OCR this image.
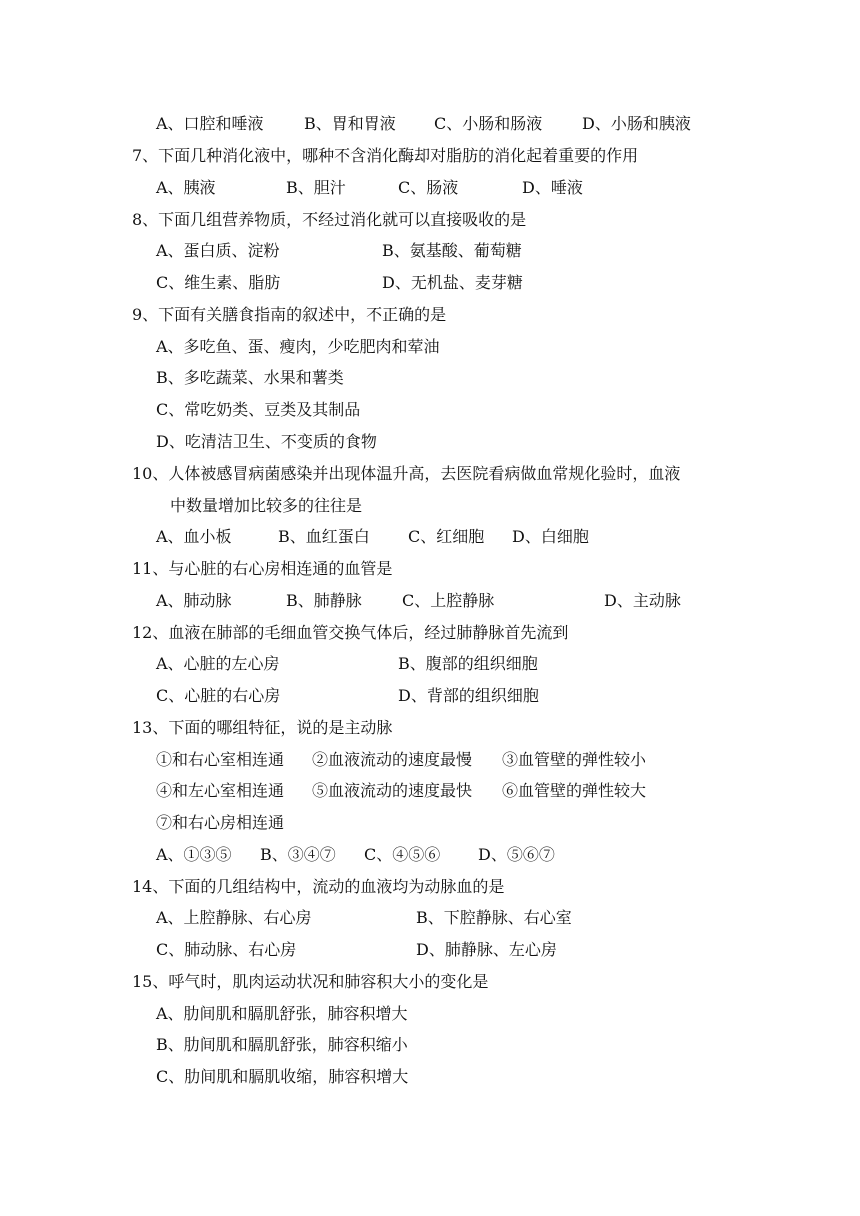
A、口腔和唾液	B、胃和胃液 C、小肠和肠液 D、小肠和胰液
7、下面几种消化液中，哪种不含消化酶却对脂肪的消化起着重要的作用
A、胰液	B、胆汁	C、肠液	D、唾液
8、下面几组营养物质，不经过消化就可以直接吸收的是
A、蛋白质、淀粉	B、氨基酸、葡萄糖
C、维生素、脂肪	D、无机盐、麦芽糖
9、下面有关膳食指南的叙述中，不正确的是
A、多吃鱼、蛋、瘦肉，少吃肥肉和荤油
B、多吃蔬菜、水果和薯类
C、常吃奶类、豆类及其制品
D、吃清洁卫生、不变质的食物
10、人体被感冒病菌感染并出现体温升高，去医院看病做血常规化验时，血液
中数量增加比较多的往往是
A、血小板	B、血红蛋白 C、红细胞 D、白细胞
11、与心脏的右心房相连通的血管是
A、肺动脉	B、肺静脉	C、上腔静脉	D、主动脉
12、血液在肺部的毛细血管交换气体后，经过肺静脉首先流到
A、心脏的左心房	B、腹部的组织细胞
C、心脏的右心房	D、背部的组织细胞
13、下面的哪组特征，说的是主动脉
①和右心室相连通 ②血液流动的速度最慢 ③血管壁的弹性较小
④和左心室相连通 ⑤血液流动的速度最快 ⑥血管壁的弹性较大
⑦和右心房相连通
A、①③⑤ B、③④⑦ C、④⑤⑥ D、⑤⑥⑦
14、下面的几组结构中，流动的血液均为动脉血的是
A、上腔静脉、右心房	B、下腔静脉、右心室
C、肺动脉、右心房	D、肺静脉、左心房
15、呼气时，肌肉运动状况和肺容积大小的变化是
A、肋间肌和膈肌舒张，肺容积增大
B、肋间肌和膈肌舒张，肺容积缩小
C、肋间肌和膈肌收缩，肺容积增大
